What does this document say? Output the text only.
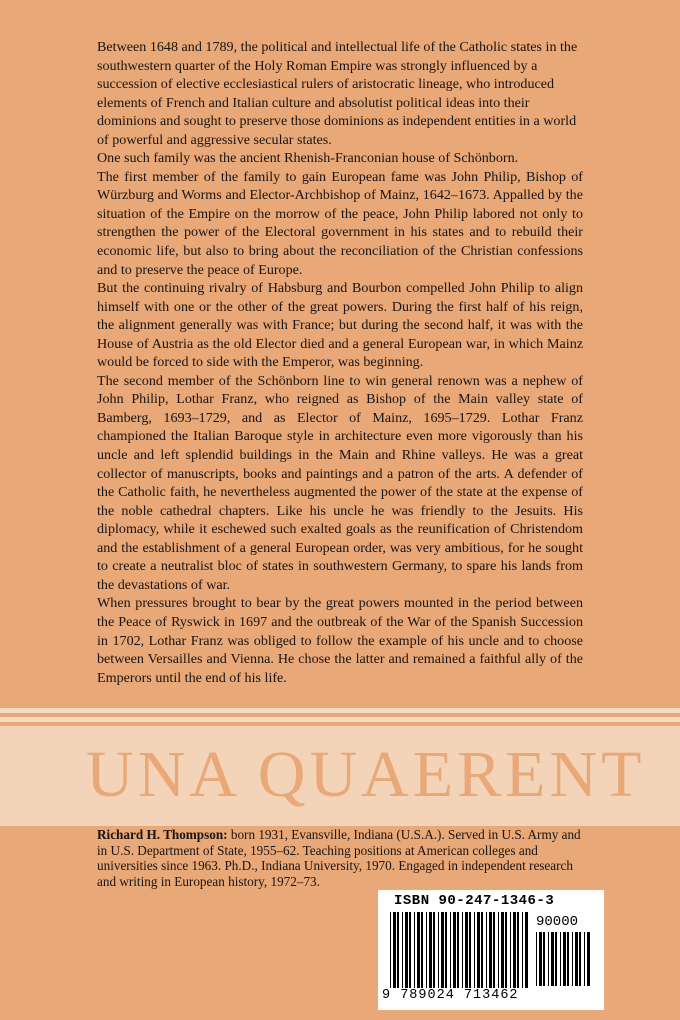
Between 1648 and 1789, the political and intellectual life of the Catholic states in the southwestern quarter of the Holy Roman Empire was strongly influenced by a succession of elective ecclesiastical rulers of aristocratic lineage, who introduced elements of French and Italian culture and absolutist political ideas into their dominions and sought to preserve those dominions as independent entities in a world of powerful and aggressive secular states.

One such family was the ancient Rhenish-Franconian house of Schönborn.

The first member of the family to gain European fame was John Philip, Bishop of Würzburg and Worms and Elector-Archbishop of Mainz, 1642–1673. Appalled by the situation of the Empire on the morrow of the peace, John Philip labored not only to strengthen the power of the Electoral government in his states and to rebuild their economic life, but also to bring about the reconciliation of the Christian confessions and to preserve the peace of Europe.

But the continuing rivalry of Habsburg and Bourbon compelled John Philip to align himself with one or the other of the great powers. During the first half of his reign, the alignment generally was with France; but during the second half, it was with the House of Austria as the old Elector died and a general European war, in which Mainz would be forced to side with the Emperor, was beginning.

The second member of the Schönborn line to win general renown was a nephew of John Philip, Lothar Franz, who reigned as Bishop of the Main valley state of Bamberg, 1693–1729, and as Elector of Mainz, 1695–1729. Lothar Franz championed the Italian Baroque style in architecture even more vigorously than his uncle and left splendid buildings in the Main and Rhine valleys. He was a great collector of manuscripts, books and paintings and a patron of the arts. A defender of the Catholic faith, he nevertheless augmented the power of the state at the expense of the noble cathedral chapters. Like his uncle he was friendly to the Jesuits. His diplomacy, while it eschewed such exalted goals as the reunification of Christendom and the establishment of a general European order, was very ambitious, for he sought to create a neutralist bloc of states in southwestern Germany, to spare his lands from the devastations of war.

When pressures brought to bear by the great powers mounted in the period between the Peace of Ryswick in 1697 and the outbreak of the War of the Spanish Succession in 1702, Lothar Franz was obliged to follow the example of his uncle and to choose between Versailles and Vienna. He chose the latter and remained a faithful ally of the Emperors until the end of his life.

UNA QUAERENT
Richard H. Thompson: born 1931, Evansville, Indiana (U.S.A.). Served in U.S. Army and in U.S. Department of State, 1955–62. Teaching positions at American colleges and universities since 1963. Ph.D., Indiana University, 1970. Engaged in independent research and writing in European history, 1972–73.
ISBN 90-247-1346-3
90000
9 789024 713462
